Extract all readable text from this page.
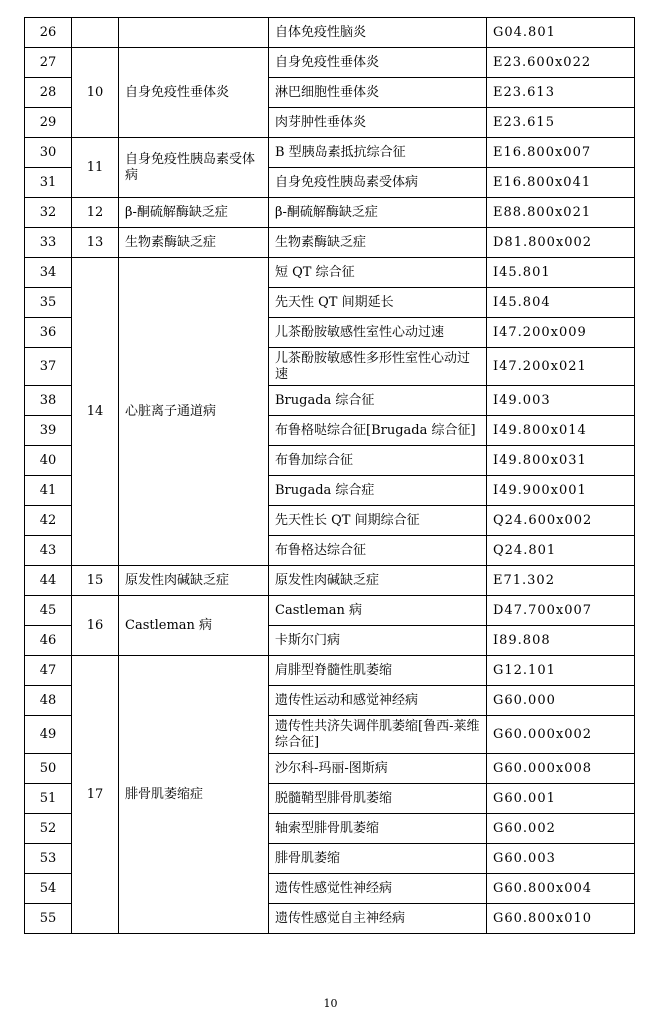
26			自体免疫性脑炎	G04.801
27	10	自身免疫性垂体炎	自身免疫性垂体炎	E23.600x022
28			淋巴细胞性垂体炎	E23.613
29			肉芽肿性垂体炎	E23.615
30	11	自身免疫性胰岛素受体病	B 型胰岛素抵抗综合征	E16.800x007
31			自身免疫性胰岛素受体病	E16.800x041
32	12	β-酮硫解酶缺乏症	β-酮硫解酶缺乏症	E88.800x021
33	13	生物素酶缺乏症	生物素酶缺乏症	D81.800x002
34	14	心脏离子通道病	短 QT 综合征	I45.801
35			先天性 QT 间期延长	I45.804
36			儿茶酚胺敏感性室性心动过速	I47.200x009
37			儿茶酚胺敏感性多形性室性心动过速	I47.200x021
38			Brugada 综合征	I49.003
39			布鲁格哒综合征[Brugada 综合征]	I49.800x014
40			布鲁加综合征	I49.800x031
41			Brugada 综合症	I49.900x001
42			先天性长 QT 间期综合征	Q24.600x002
43			布鲁格达综合征	Q24.801
44	15	原发性肉碱缺乏症	原发性肉碱缺乏症	E71.302
45	16	Castleman 病	Castleman 病	D47.700x007
46			卡斯尔门病	I89.808
47	17	腓骨肌萎缩症	肩腓型脊髓性肌萎缩	G12.101
48			遗传性运动和感觉神经病	G60.000
49			遗传性共济失调伴肌萎缩[鲁西-莱维综合征]	G60.000x002
50			沙尔科-玛丽-图斯病	G60.000x008
51			脱髓鞘型腓骨肌萎缩	G60.001
52			轴索型腓骨肌萎缩	G60.002
53			腓骨肌萎缩	G60.003
54			遗传性感觉性神经病	G60.800x004
55			遗传性感觉自主神经病	G60.800x010
10
